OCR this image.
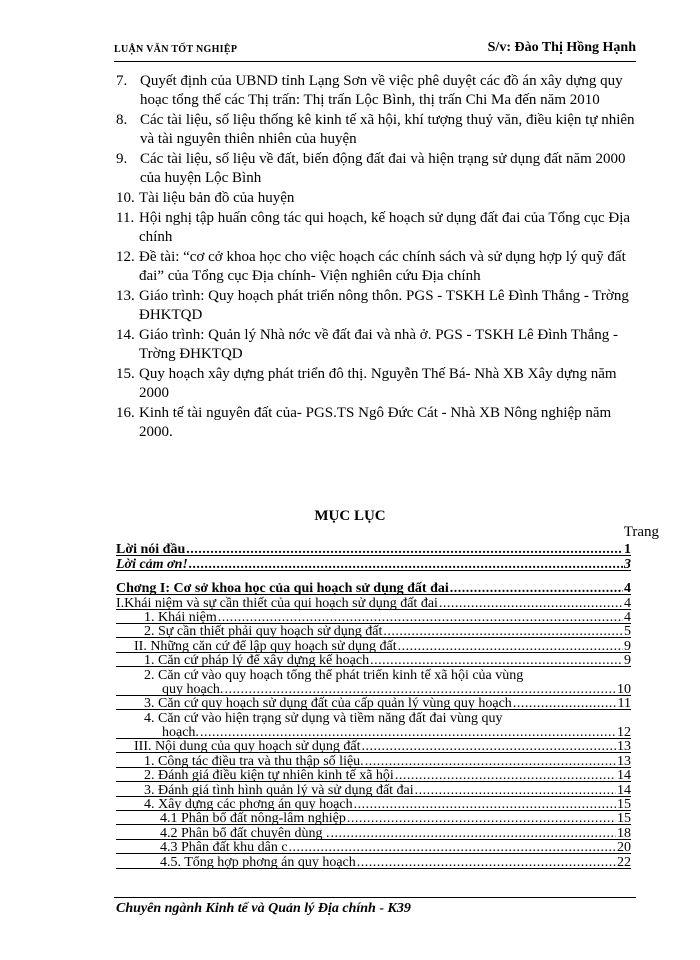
LUẬN VĂN TỐT NGHIỆP	S/v: Đào Thị Hồng Hạnh
7. Quyết định của UBND tỉnh Lạng Sơn về việc phê duyệt các đồ án xây dựng quy hoạc tổng thể các Thị trấn: Thị trấn Lộc Bình, thị trấn Chi Ma đến năm 2010
8. Các tài liệu, số liệu thống kê kinh tế xã hội, khí tượng thuỷ văn, điều kiện tự nhiên và tài nguyên thiên nhiên của huyện
9. Các tài liệu, số liệu về đất, biến động đất đai và hiện trạng sử dụng đất năm 2000 của huyện Lộc Bình
10. Tài liệu bản đồ của huyện
11. Hội nghị tập huấn công tác qui hoạch, kế hoạch sử dụng đất đai của Tổng cục Địa chính
12. Đề tài: “cơ cở khoa học cho việc hoạch các chính sách và sử dụng hợp lý quỹ đất đai” của Tổng cục Địa chính- Viện nghiên cứu Địa chính
13. Giáo trình: Quy hoạch phát triển nông thôn. PGS - TSKH Lê Đình Thắng - Trờng ĐHKTQD
14. Giáo trình: Quản lý Nhà nớc về đất đai và nhà ở. PGS - TSKH Lê Đình Thắng - Trờng ĐHKTQD
15. Quy hoạch xây dựng phát triển đô thị. Nguyễn Thế Bá- Nhà XB Xây dựng năm 2000
16. Kinh tế tài nguyên đất của- PGS.TS Ngô Đức Cát - Nhà XB Nông nghiệp năm 2000.
MỤC LỤC
Trang
Lời nói đầu .....	1
Lời cảm ơn! .....	3
Chơng I: Cơ sở khoa học của qui hoạch sử dụng đất đai .....	4
I.Khái niệm và sự cần thiết của qui hoạch sử dụng đất đai .....	4
1. Khái niệm .....	4
2. Sự cần thiết phải quy hoạch sử dụng đất .....	5
II. Những căn cứ để lập quy hoạch sử dụng đất .....	9
1. Căn cứ pháp lý để xây dựng kế hoạch .....	9
2. Căn cứ vào quy hoạch tổng thể phát triển kinh tế xã hội của vùng
quy hoạch. .....	10
3. Căn cứ quy hoạch sử dụng đất của cấp quản lý vùng quy hoạch .....	11
4. Căn cứ vào hiện trạng sử dụng và tiềm năng đất đai vùng quy
hoạch. .....	12
III. Nội dung của quy hoạch sử dụng đất .....	13
1. Công tác điều tra và thu thập số liệu. .....	13
2. Đánh giá điều kiện tự nhiên kinh tế xã hội .....	14
3. Đánh giá tình hình quản lý và sử dụng đất đai .....	14
4. Xây dựng các phơng án quy hoạch .....	15
4.1 Phân bổ đất nông-lâm nghiệp .....	15
4.2 Phân bổ đất chuyên dùng . .....	18
4.3 Phân đất khu dân c .....	20
4.5. Tổng hợp phơng án quy hoạch .....	22
Chuyên ngành Kinh tế và Quản lý Địa chính - K39
